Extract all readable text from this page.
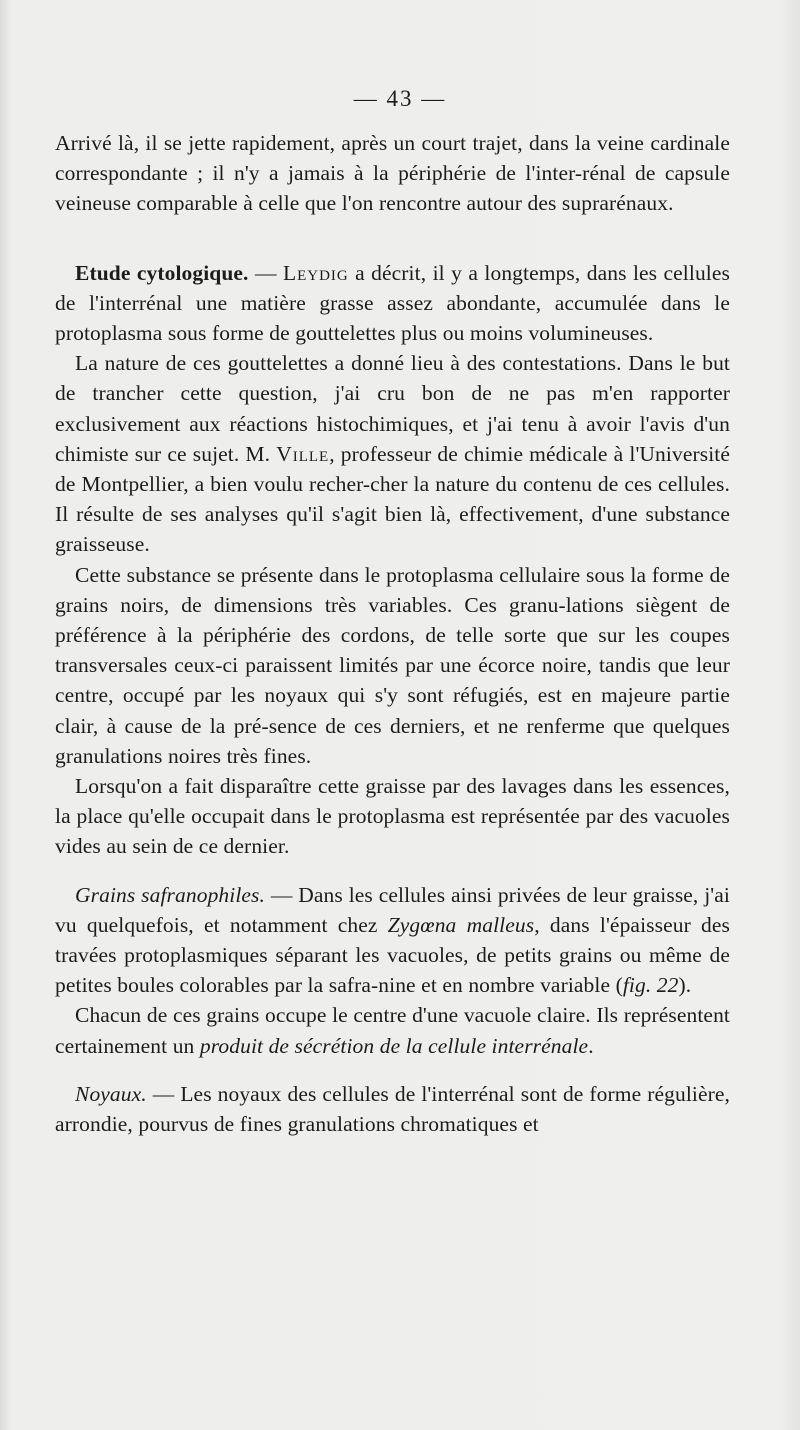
— 43 —

Arrivé là, il se jette rapidement, après un court trajet, dans la veine cardinale correspondante ; il n'y a jamais à la périphérie de l'inter-rénal de capsule veineuse comparable à celle que l'on rencontre autour des suprarénaux.

Etude cytologique. — Leydig a décrit, il y a longtemps, dans les cellules de l'interrénal une matière grasse assez abondante, accumulée dans le protoplasma sous forme de gouttelettes plus ou moins volumineuses.

La nature de ces gouttelettes a donné lieu à des contestations. Dans le but de trancher cette question, j'ai cru bon de ne pas m'en rapporter exclusivement aux réactions histochimiques, et j'ai tenu à avoir l'avis d'un chimiste sur ce sujet. M. Ville, professeur de chimie médicale à l'Université de Montpellier, a bien voulu recher-cher la nature du contenu de ces cellules. Il résulte de ses analyses qu'il s'agit bien là, effectivement, d'une substance graisseuse.

Cette substance se présente dans le protoplasma cellulaire sous la forme de grains noirs, de dimensions très variables. Ces granu-lations siègent de préférence à la périphérie des cordons, de telle sorte que sur les coupes transversales ceux-ci paraissent limités par une écorce noire, tandis que leur centre, occupé par les noyaux qui s'y sont réfugiés, est en majeure partie clair, à cause de la pré-sence de ces derniers, et ne renferme que quelques granulations noires très fines.

Lorsqu'on a fait disparaître cette graisse par des lavages dans les essences, la place qu'elle occupait dans le protoplasma est représentée par des vacuoles vides au sein de ce dernier.

Grains safranophiles. — Dans les cellules ainsi privées de leur graisse, j'ai vu quelquefois, et notamment chez Zygœna malleus, dans l'épaisseur des travées protoplasmiques séparant les vacuoles, de petits grains ou même de petites boules colorables par la safra-nine et en nombre variable (fig. 22).

Chacun de ces grains occupe le centre d'une vacuole claire. Ils représentent certainement un produit de sécrétion de la cellule interrénale.

Noyaux. — Les noyaux des cellules de l'interrénal sont de forme régulière, arrondie, pourvus de fines granulations chromatiques et
